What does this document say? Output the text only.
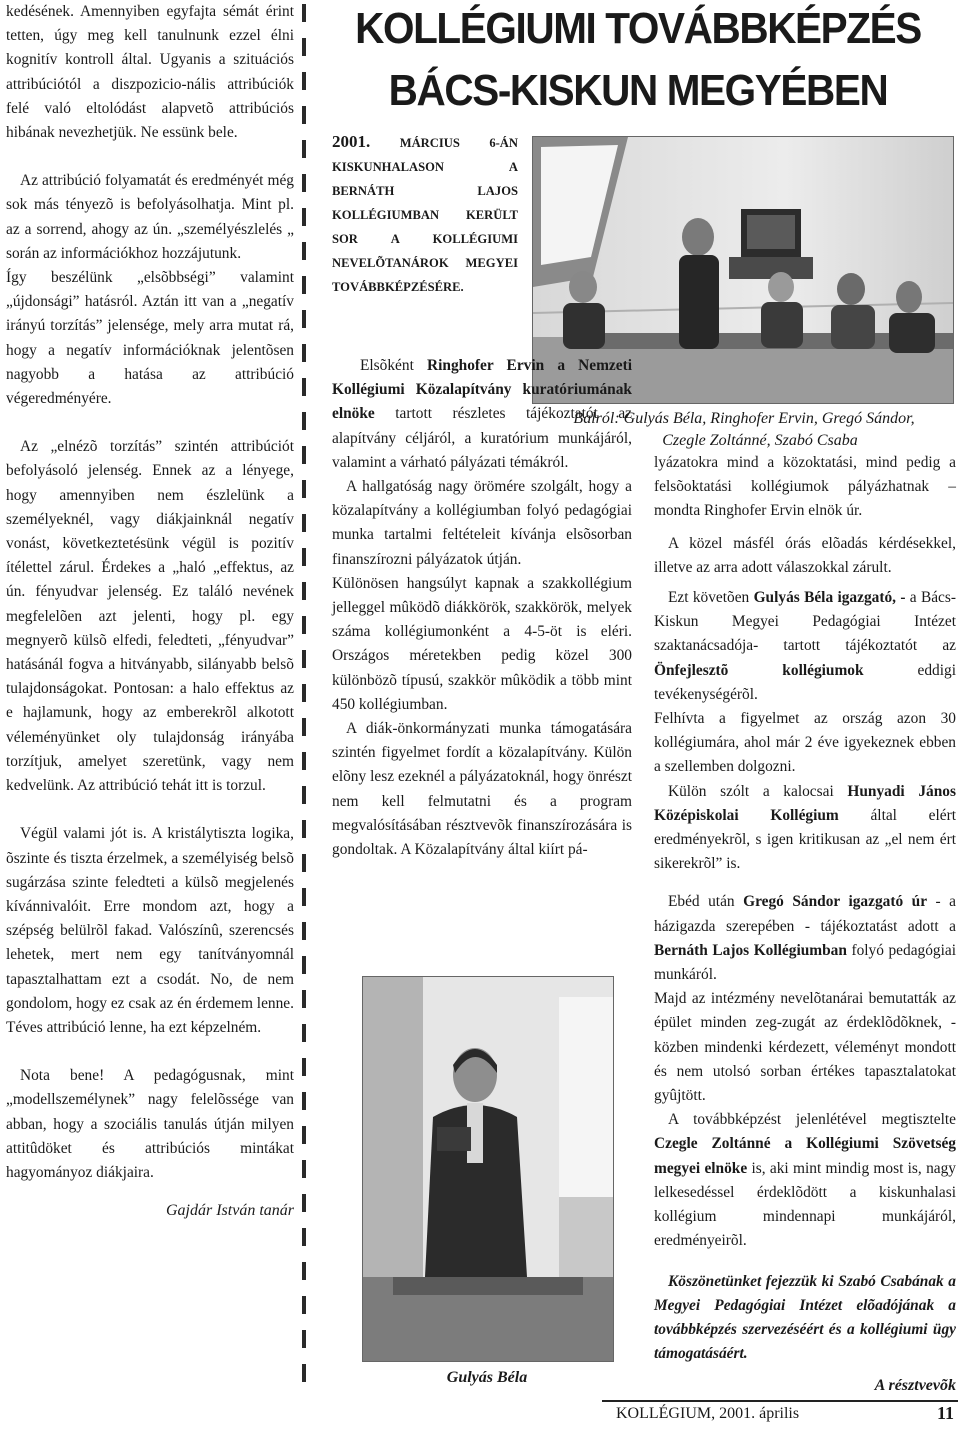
kedésének. Amennyiben egyfajta sémát érint tetten, úgy meg kell tanulnunk ezzel élni kognitív kontroll által. Ugyanis a szituációs attribúciótól a diszpozicio-nális attribúciók felé való eltolódást alapvetõ attribúciós hibának nevezhetjük. Ne essünk bele.

Az attribúció folyamatát és eredményét még sok más tényezõ is befolyásolhatja. Mint pl. az a sorrend, ahogy az ún. „személyészlelés „ során az információkhoz hozzájutunk.

Így beszélünk „elsõbbségi” valamint „újdonsági” hatásról. Aztán itt van a „negatív irányú torzítás” jelensége, mely arra mutat rá, hogy a negatív információknak jelentõsen nagyobb a hatása az attribúció végeredményére.

Az „elnézõ torzítás” szintén attribúciót befolyásoló jelenség. Ennek az a lényege, hogy amennyiben nem észlelünk a személyeknél, vagy diákjainknál negatív vonást, következtetésünk végül is pozitív ítélettel zárul. Érdekes a „haló „effektus, az ún. fényudvar jelenség. Ez találó nevének megfelelõen azt jelenti, hogy pl. egy megnyerõ külsõ elfedi, feledteti, „fényudvar” hatásánál fogva a hitványabb, silányabb belsõ tulajdonságokat. Pontosan: a halo effektus az e hajlamunk, hogy az emberekrõl alkotott véleményünket oly tulajdonság irányába torzítjuk, amelyet szeretünk, vagy nem kedvelünk. Az attribúció tehát itt is torzul.

Végül valami jót is. A kristálytiszta logika, õszinte és tiszta érzelmek, a személyiség belsõ sugárzása szinte feledteti a külsõ megjelenés kívánnivalóit. Erre mondom azt, hogy a szépség belülrõl fakad. Valószínû, szerencsés lehetek, mert nem egy tanítványomnál tapasztalhattam ezt a csodát. No, de nem gondolom, hogy ez csak az én érdemem lenne. Téves attribúció lenne, ha ezt képzelném.

Nota bene! A pedagógusnak, mint „modellszemélynek” nagy felelõssége van abban, hogy a szociális tanulás útján milyen attitûdöket és attribúciós mintákat hagyományoz diákjaira.

Gajdár István tanár

KOLLÉGIUMI TOVÁBBKÉPZÉS
BÁCS-KISKUN MEGYÉBEN
2001. MÁRCIUS 6-ÁN KISKUNHALASON A BERNÁTH LAJOS KOLLÉGIUMBAN KERÜLT SOR A KOLLÉGIUMI NEVELÕTANÁROK MEGYEI TOVÁBBKÉPZÉSÉRE.
Balról: Gulyás Béla, Ringhofer Ervin, Gregó Sándor,
Czegle Zoltánné, Szabó Csaba

Elsõként Ringhofer Ervin a Nemzeti Kollégiumi Közalapítvány kuratóriumának elnöke tartott részletes tájékoztatót az alapítvány céljáról, a kuratórium munkájáról, valamint a várható pályázati témákról.

A hallgatóság nagy örömére szolgált, hogy a közalapítvány a kollégiumban folyó pedagógiai munka tartalmi feltételeit kívánja elsõsorban finanszírozni pályázatok útján.

Különösen hangsúlyt kapnak a szakkollégium jelleggel mûködõ diákkörök, szakkörök, melyek száma kollégiumonként a 4-5-öt is eléri. Országos méretekben pedig közel 300 különbözõ típusú, szakkör mûködik a több mint 450 kollégiumban.

A diák-önkormányzati munka támogatására szintén figyelmet fordít a közalapítvány. Külön elõny lesz ezeknél a pályázatoknál, hogy önrészt nem kell felmutatni és a program megvalósításában résztvevõk finanszírozására is gondoltak. A Közalapítvány által kiírt pá-

Gulyás Béla

lyázatokra mind a közoktatási, mind pedig a felsõoktatási kollégiumok pályázhatnak – mondta Ringhofer Ervin elnök úr.

A közel másfél órás elõadás kérdésekkel, illetve az arra adott válaszokkal zárult.

Ezt követõen Gulyás Béla igazgató, - a Bács-Kiskun Megyei Pedagógiai Intézet szaktanácsadója- tartott tájékoztatót az Önfejlesztõ kollégiumok	eddigi tevékenységérõl.

Felhívta a figyelmet az ország azon 30 kollégiumára, ahol már 2 éve igyekeznek ebben a szellemben dolgozni.

Külön szólt a kalocsai Hunyadi János Középiskolai Kollégium által elért eredményekrõl, s igen kritikusan az „el nem ért sikerekrõl” is.

Ebéd után Gregó Sándor igazgató úr - a házigazda szerepében - tájékoztatást adott a Bernáth Lajos Kollégiumban folyó pedagógiai munkáról.

Majd az intézmény nevelõtanárai bemutatták az épület minden zeg-zugát az érdeklõdõknek, - közben mindenki kérdezett, véleményt mondott és nem utolsó sorban értékes tapasztalatokat gyûjtött.

A továbbképzést jelenlétével megtisztelte Czegle Zoltánné a Kollégiumi Szövetség megyei elnöke is, aki mint mindig most is, nagy lelkesedéssel érdeklõdött a kiskunhalasi kollégium mindennapi munkájáról, eredményeirõl.

Köszönetünket fejezzük ki Szabó Csabának a Megyei Pedagógiai Intézet elõadójának a továbbképzés szervezéséért és a kollégiumi ügy támogatásáért.

A résztvevõk

KOLLÉGIUM, 2001. április	11
